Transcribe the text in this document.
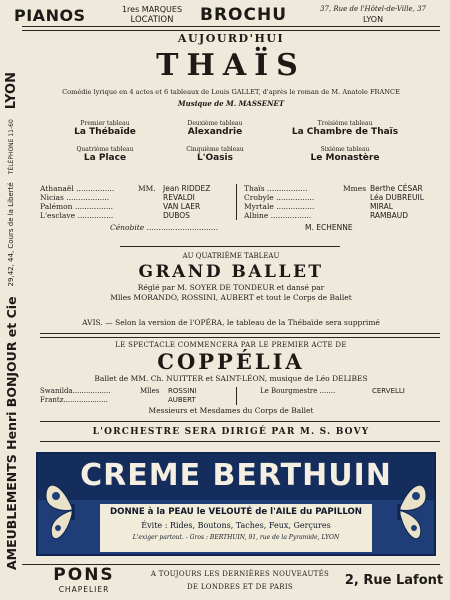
PIANOS	1res MARQUES
LOCATION	BROCHU	37, Rue de l'Hôtel-de-Ville, 37
LYON
AMEUBLEMENTS Henri BONJOUR et Cie
29,42, 44, Cours de la Liberté
TÉLÉPHONE 11-60
LYON
AUJOURD'HUI
THAÏS
Comédie lyrique en 4 actes et 6 tableaux de Louis GALLET, d'après le roman de M. Anatole FRANCE
Musique de M. MASSENET
Premier tableau
La Thébaïde
Deuxième tableau
Alexandrie
Troisième tableau
La Chambre de Thaïs
Quatrième tableau
La Place
Cinquième tableau
L'Oasis
Sixième tableau
Le Monastère
MM.
Athanaël ................	Jean RIDDEZ
Nicias ..................	REVALDI
Palémon ................	VAN LAER
L'esclave ...............	DUBOS
Mmes
Thaïs .................	Berthe CÉSAR
Crobyle ................	Léa DUBREUIL
Myrtale ................	MIRAL
Albine .................	RAMBAUD
Cénobite ..............................	M. ECHENNE
AU QUATRIÈME TABLEAU
GRAND BALLET
Réglé par M. SOYER DE TONDEUR et dansé par
Mlles MORANDO, ROSSINI, AUBERT et tout le Corps de Ballet
AVIS. — Selon la version de l'OPÉRA, le tableau de la Thébaïde sera supprimé
LE SPECTACLE COMMENCERA PAR LE PREMIER ACTE DE
COPPÉLIA
Ballet de MM. Ch. NUITTER et SAINT-LÉON, musique de Léo DELIBES
Swanilda.................	Mlles ROSSINI
Frantz....................	AUBERT
Le Bourgmestre .......	CERVELLI
Messieurs et Mesdames du Corps de Ballet
L'ORCHESTRE SERA DIRIGÉ PAR M. S. BOVY
CREME BERTHUIN
DONNE à la PEAU le VELOUTÉ de l'AILE du PAPILLON
Évite : Rides, Boutons, Taches, Feux, Gerçures
L'exiger partout. - Gros : BERTHUIN, 91, rue de la Pyramide, LYON
PONS
CHAPELIER
A TOUJOURS LES DERNIÈRES NOUVEAUTÉS
DE LONDRES ET DE PARIS	2, Rue Lafont
